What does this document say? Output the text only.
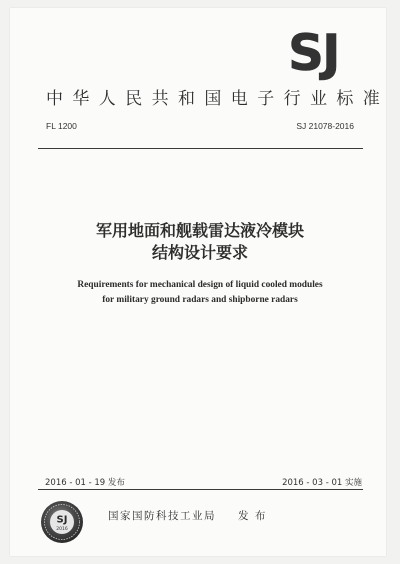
SJ
中华人民共和国电子行业标准
FL 1200	SJ 21078-2016
军用地面和舰载雷达液冷模块
结构设计要求
Requirements for mechanical design of liquid cooled modules
for military ground radars and shipborne radars
2016 - 01 - 19 发布	2016 - 03 - 01 实施
SJ
2016
国家国防科技工业局 发 布
